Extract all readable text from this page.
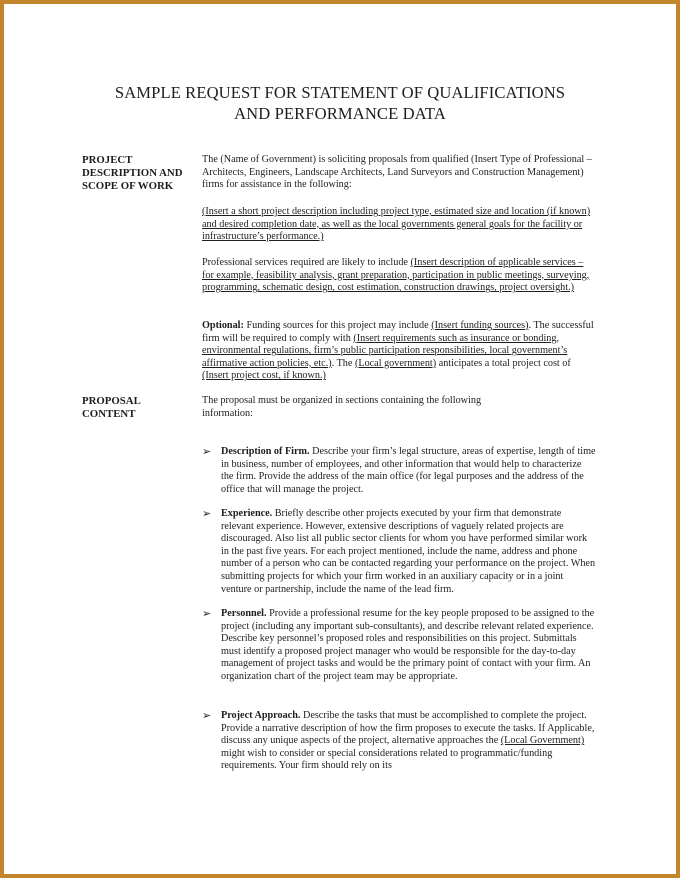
SAMPLE REQUEST FOR STATEMENT OF QUALIFICATIONS
AND PERFORMANCE DATA
PROJECT
DESCRIPTION AND
SCOPE OF WORK
The (Name of Government) is soliciting proposals from qualified (Insert Type of Professional – Architects, Engineers, Landscape Architects, Land Surveyors and Construction Management) firms for assistance in the following:
(Insert a short project description including project type, estimated size and location (if known) and desired completion date, as well as the local governments general goals for the facility or infrastructure’s performance.)
Professional services required are likely to include (Insert description of applicable services – for example, feasibility analysis, grant preparation, participation in public meetings, surveying, programming, schematic design, cost estimation, construction drawings, project oversight.)
Optional: Funding sources for this project may include (Insert funding sources). The successful firm will be required to comply with (Insert requirements such as insurance or bonding, environmental regulations, firm’s public participation responsibilities, local government’s affirmative action policies, etc.). The (Local government) anticipates a total project cost of (Insert project cost, if known.)
PROPOSAL
CONTENT
The proposal must be organized in sections containing the following information:
➢ Description of Firm. Describe your firm’s legal structure, areas of expertise, length of time in business, number of employees, and other information that would help to characterize the firm. Provide the address of the main office (for legal purposes and the address of the office that will manage the project.
➢ Experience. Briefly describe other projects executed by your firm that demonstrate relevant experience. However, extensive descriptions of vaguely related projects are discouraged. Also list all public sector clients for whom you have performed similar work in the past five years. For each project mentioned, include the name, address and phone number of a person who can be contacted regarding your performance on the project. When submitting projects for which your firm worked in an auxiliary capacity or in a joint venture or partnership, include the name of the lead firm.
➢ Personnel. Provide a professional resume for the key people proposed to be assigned to the project (including any important sub-consultants), and describe relevant related experience. Describe key personnel’s proposed roles and responsibilities on this project. Submittals must identify a proposed project manager who would be responsible for the day-to-day management of project tasks and would be the primary point of contact with your firm. An organization chart of the project team may be appropriate.
➢ Project Approach. Describe the tasks that must be accomplished to complete the project. Provide a narrative description of how the firm proposes to execute the tasks. If Applicable, discuss any unique aspects of the project, alternative approaches the (Local Government) might wish to consider or special considerations related to programmatic/funding requirements. Your firm should rely on its
